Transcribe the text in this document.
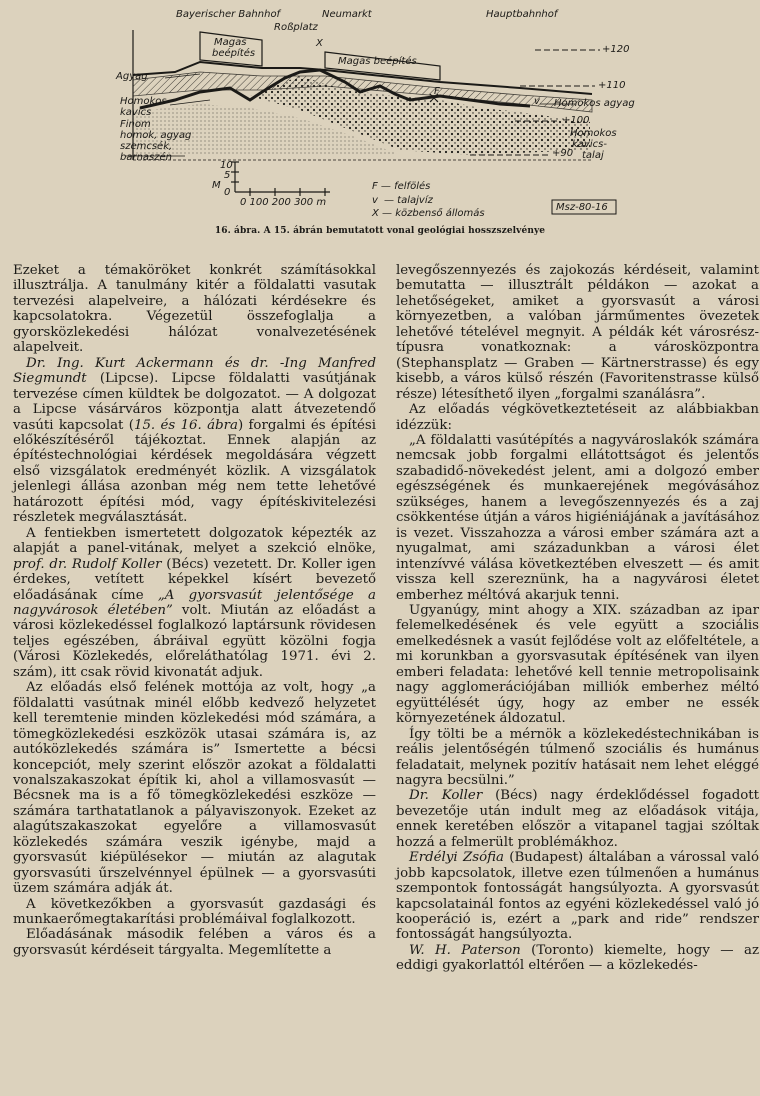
Bayerischer Bahnhof	Neumarkt
Roßplatz
Hauptbahnhof
X
Magas
beépítés
Magas beépítés
+120
+110
+100
+90
Agyag
Homokos
kavics
Finom
homok, agyag
szemcsék,
barnaszén
Homokos agyag
Homokos
kavics-
talaj
F
v
M
10
5
0
0 100 200 300 m
F — felfölés
v — talajvíz
X — közbenső állomás
Msz-80-16
16. ábra. A 15. ábrán bemutatott vonal geológiai hosszszelvénye

Ezeket a témaköröket konkrét számításokkal illusztrálja. A tanulmány kitér a földalatti vasutak tervezési alapelveire, a hálózati kérdésekre és kapcsolatokra. Végezetül összefoglalja a gyorsközlekedési hálózat vonalvezetésének alapelveit.

Dr. Ing. Kurt Ackermann és dr. -Ing Manfred Siegmundt (Lipcse). Lipcse földalatti vasútjának tervezése címen küldtek be dolgozatot. — A dolgozat a Lipcse vásárváros központja alatt átvezetendő vasúti kapcsolat (15. és 16. ábra) forgalmi és építési előkészítéséről tájékoztat. Ennek alapján az építéstechnológiai kérdések megoldására végzett első vizsgálatok eredményét közlik. A vizsgálatok jelenlegi állása azonban még nem tette lehetővé határozott építési mód, vagy építéskivitelezési részletek megválasztását.

A fentiekben ismertetett dolgozatok képezték az alapját a panel-vitának, melyet a szekció elnöke, prof. dr. Rudolf Koller (Bécs) vezetett. Dr. Koller igen érdekes, vetített képekkel kísért bevezető előadásának címe „A gyorsvasút jelentősége a nagyvárosok életében” volt. Miután az előadást a városi közlekedéssel foglalkozó laptársunk rövidesen teljes egészében, ábráival együtt közölni fogja (Városi Közlekedés, előreláthatólag 1971. évi 2. szám), itt csak rövid kivonatát adjuk.

Az előadás első felének mottója az volt, hogy „a földalatti vasútnak minél előbb kedvező helyzetet kell teremtenie minden közlekedési mód számára, a tömegközlekedési eszközök utasai számára is, az autóközlekedés számára is” Ismertette a bécsi koncepciót, mely szerint először azokat a földalatti vonalszakaszokat építik ki, ahol a villamosvasút — Bécsnek ma is a fő tömegközlekedési eszköze — számára tarthatatlanok a pályaviszonyok. Ezeket az alagútszakaszokat egyelőre a villamosvasút közlekedés számára veszik igénybe, majd a gyorsvasút kiépülésekor — miután az alagutak gyorsvasúti űrszelvénnyel épülnek — a gyorsvasúti üzem számára adják át.

A következőkben a gyorsvasút gazdasági és munkaerőmegtakarítási problémáival foglalkozott.

Előadásának második felében a város és a gyorsvasút kérdéseit tárgyalta. Megemlítette a

levegőszennyezés és zajokozás kérdéseit, valamint bemutatta — illusztrált példákon — azokat a lehetőségeket, amiket a gyorsvasút a városi környezetben, a valóban járműmentes övezetek lehetővé tételével megnyit. A példák két városrész-típusra vonatkoznak: a városközpontra (Stephansplatz — Graben — Kärtnerstrasse) és egy kisebb, a város külső részén (Favoritenstrasse külső része) létesíthető ilyen „forgalmi szanálásra”.

Az előadás végkövetkeztetéseit az alábbiakban idézzük:

„A földalatti vasútépítés a nagyvároslakók számára nemcsak jobb forgalmi ellátottságot és jelentős szabadidő-növekedést jelent, ami a dolgozó ember egészségének és munkaerejének megóvásához szükséges, hanem a levegőszennyezés és a zaj csökkentése útján a város higiéniájának a javításához is vezet. Visszahozza a városi ember számára azt a nyugalmat, ami századunkban a városi élet intenzívvé válása következtében elveszett — és amit vissza kell szereznünk, ha a nagyvárosi életet emberhez méltóvá akarjuk tenni.

Ugyanúgy, mint ahogy a XIX. században az ipar felemelkedésének és vele együtt a szociális emelkedésnek a vasút fejlődése volt az előfeltétele, a mi korunkban a gyorsvasutak építésének van ilyen emberi feladata: lehetővé kell tennie metropolisaink nagy agglomerációjában milliók emberhez méltó együttélését úgy, hogy az ember ne essék környezetének áldozatul.

Így tölti be a mérnök a közlekedéstechnikában is reális jelentőségén túlmenő szociális és humánus feladatait, melynek pozitív hatásait nem lehet eléggé nagyra becsülni.”

Dr. Koller (Bécs) nagy érdeklődéssel fogadott bevezetője után indult meg az előadások vitája, ennek keretében először a vitapanel tagjai szóltak hozzá a felmerült problémákhoz.

Erdélyi Zsófia (Budapest) általában a várossal való jobb kapcsolatok, illetve ezen túlmenően a humánus szempontok fontosságát hangsúlyozta. A gyorsvasút kapcsolatainál fontos az egyéni közlekedéssel való jó kooperáció is, ezért a „park and ride” rendszer fontosságát hangsúlyozta.

W. H. Paterson (Toronto) kiemelte, hogy — az eddigi gyakorlattól eltérően — a közlekedés-
